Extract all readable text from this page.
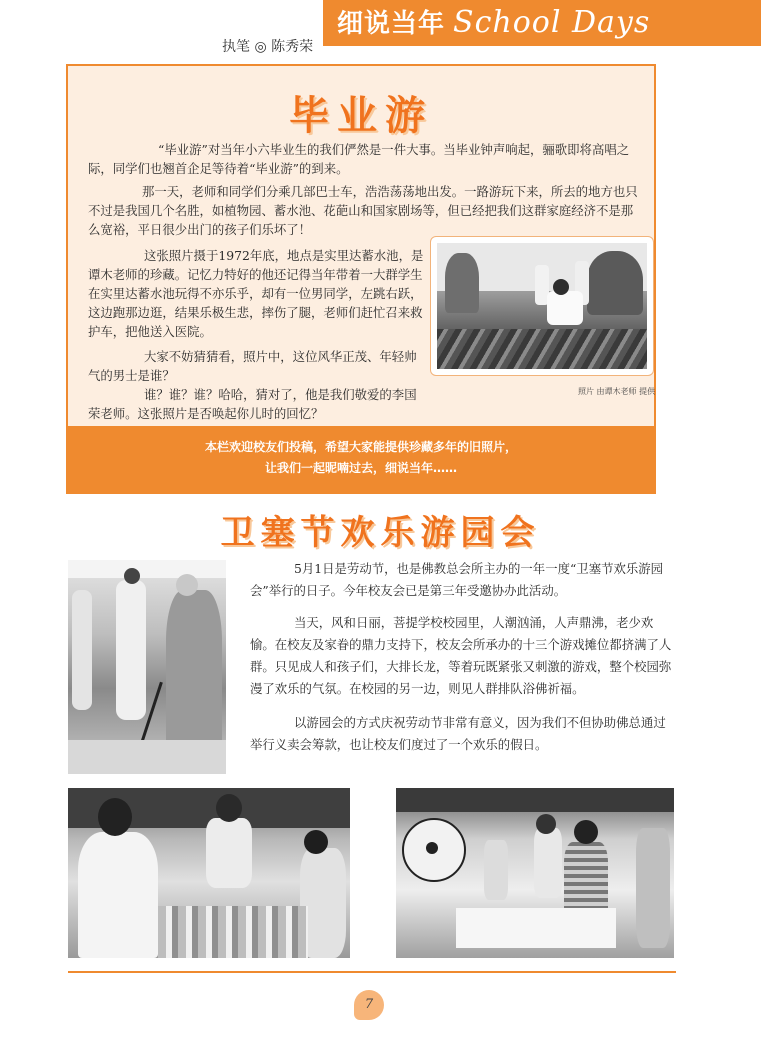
细说当年 School Days
执笔 ◎ 陈秀荣
毕业游
“毕业游”对当年小六毕业生的我们俨然是一件大事。当毕业钟声响起，骊歌即将高唱之际，同学们也翘首企足等待着“毕业游”的到来。
那一天，老师和同学们分乘几部巴士车，浩浩荡荡地出发。一路游玩下来，所去的地方也只不过是我国几个名胜，如植物园、蓄水池、花葩山和国家剧场等，但已经把我们这群家庭经济不是那么宽裕，平日很少出门的孩子们乐坏了！
这张照片摄于1972年底，地点是实里达蓄水池，是谭木老师的珍藏。记忆力特好的他还记得当年带着一大群学生在实里达蓄水池玩得不亦乐乎，却有一位男同学，左跳右跃，这边跑那边逛，结果乐极生悲，摔伤了腿，老师们赶忙召来救护车，把他送入医院。
大家不妨猜猜看，照片中，这位风华正茂、年轻帅气的男士是谁？
谁？谁？谁？哈哈，猜对了，他是我们敬爱的李国荣老师。这张照片是否唤起你儿时的回忆？
照片 由谭木老师 提供
本栏欢迎校友们投稿，希望大家能提供珍藏多年的旧照片，
让我们一起昵喃过去，细说当年……
卫塞节欢乐游园会
5月1日是劳动节，也是佛教总会所主办的一年一度“卫塞节欢乐游园会”举行的日子。今年校友会已是第三年受邀协办此活动。
当天，风和日丽，菩提学校校园里，人潮汹涌，人声鼎沸，老少欢愉。在校友及家眷的鼎力支持下，校友会所承办的十三个游戏摊位都挤满了人群。只见成人和孩子们，大排长龙，等着玩既紧张又刺激的游戏，整个校园弥漫了欢乐的气氛。在校园的另一边，则见人群排队浴佛祈福。
以游园会的方式庆祝劳动节非常有意义，因为我们不但协助佛总通过举行义卖会筹款，也让校友们度过了一个欢乐的假日。
7
